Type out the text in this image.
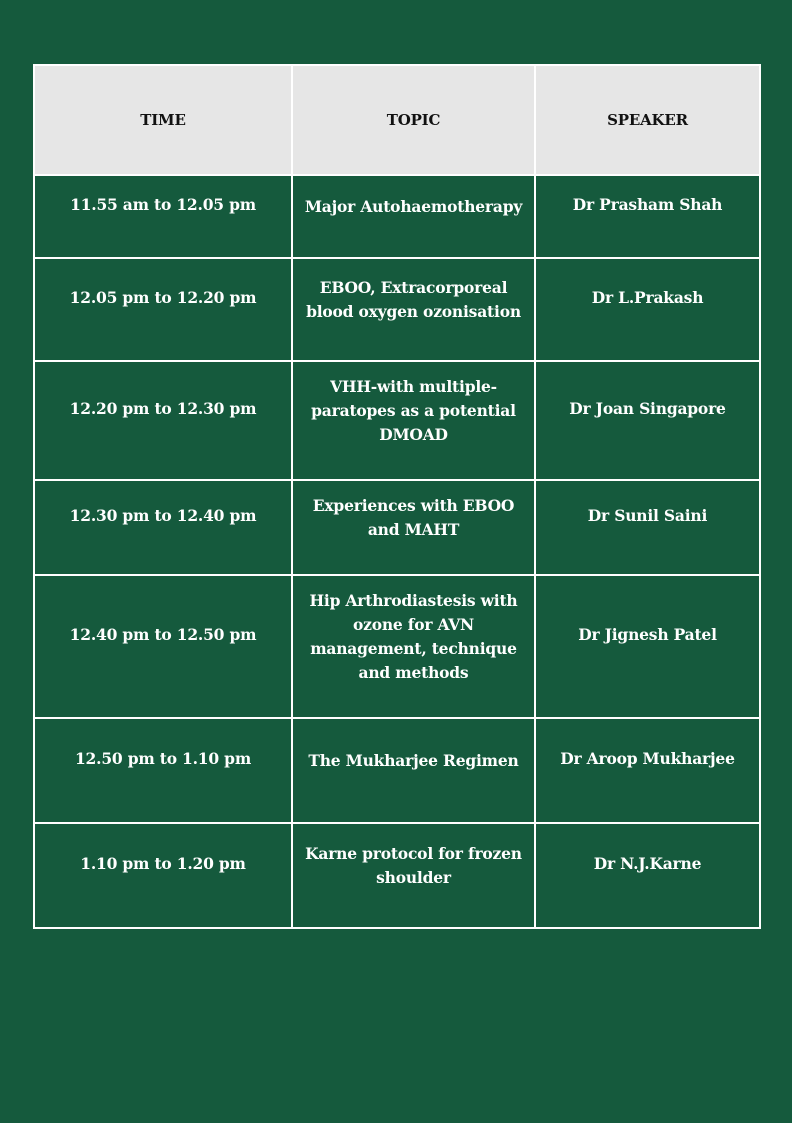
TIME	TOPIC	SPEAKER

11.55 am to 12.05 pm	Major Autohaemotherapy	Dr Prasham Shah

12.05 pm to 12.20 pm	EBOO, Extracorporeal blood oxygen ozonisation	Dr L.Prakash

12.20 pm to 12.30 pm	VHH-with multiple-paratopes as a potential DMOAD	Dr Joan Singapore

12.30 pm to 12.40 pm	Experiences with EBOO and MAHT	Dr Sunil Saini

12.40 pm to 12.50 pm	Hip Arthrodiastesis with ozone for AVN management, technique and methods	Dr Jignesh Patel

12.50 pm to 1.10 pm	The Mukharjee Regimen	Dr Aroop Mukharjee

1.10 pm to 1.20 pm	Karne protocol for frozen shoulder	Dr N.J.Karne
